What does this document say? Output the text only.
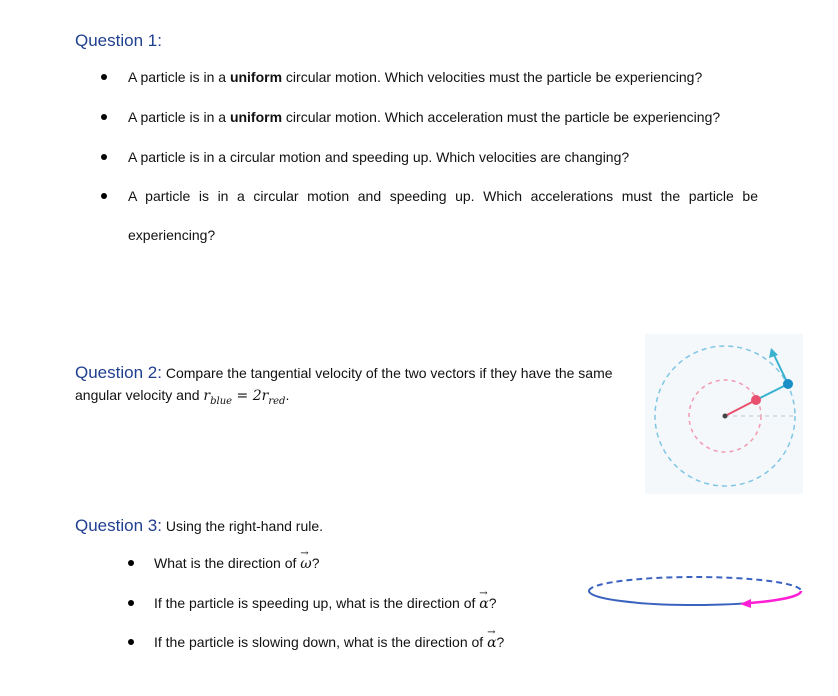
Question 1:
A particle is in a uniform circular motion. Which velocities must the particle be experiencing?
A particle is in a uniform circular motion. Which acceleration must the particle be experiencing?
A particle is in a circular motion and speeding up. Which velocities are changing?
A particle is in a circular motion and speeding up. Which accelerations must the particle be
experiencing?
Question 2: Compare the tangential velocity of the two vectors if they have the same angular velocity and $r_{blue} = 2r_{red}$.
Question 3: Using the right-hand rule.
What is the direction of ω
→
?
If the particle is speeding up, what is the direction of α
→
?
If the particle is slowing down, what is the direction of α
→
?
